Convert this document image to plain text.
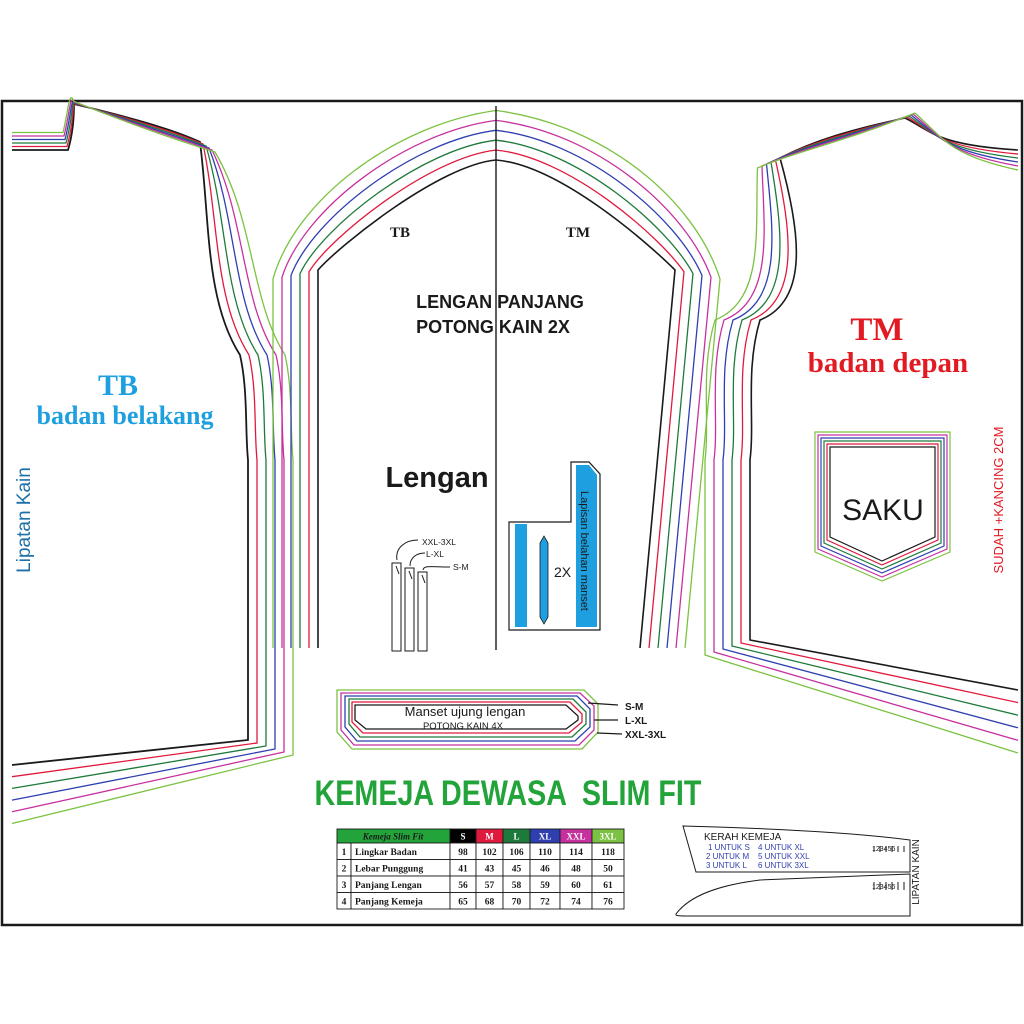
TB
badan belakang
Lipatan Kain
TB	TM
LENGAN PANJANG
POTONG KAIN 2X
Lengan
XXL-3XL
L-XL
S-M	Lapisan belahan manset
2X
TM
badan depan
SAKU	SUDAH +KANCING 2CM
Manset ujung lengan
POTONG KAIN 4X
S-M
L-XL
XXL-3XL
KEMEJA DEWASA  SLIM FIT
Kemeja Slim Fit	S M L XL XXL 3XL
1 Lingkar Badan	98 102 106 110 114 118
2 Lebar Punggung	41 43 45 46 48 50
3 Panjang Lengan	56 57 58 59 60 61
4 Panjang Kemeja	65 68 70 72 74 76
KERAH KEMEJA
1 UNTUK S
2 UNTUK M
3 UNTUK L
4 UNTUK XL
5 UNTUK XXL
6 UNTUK 3XL
123456
123456 LIPATAN KAIN
